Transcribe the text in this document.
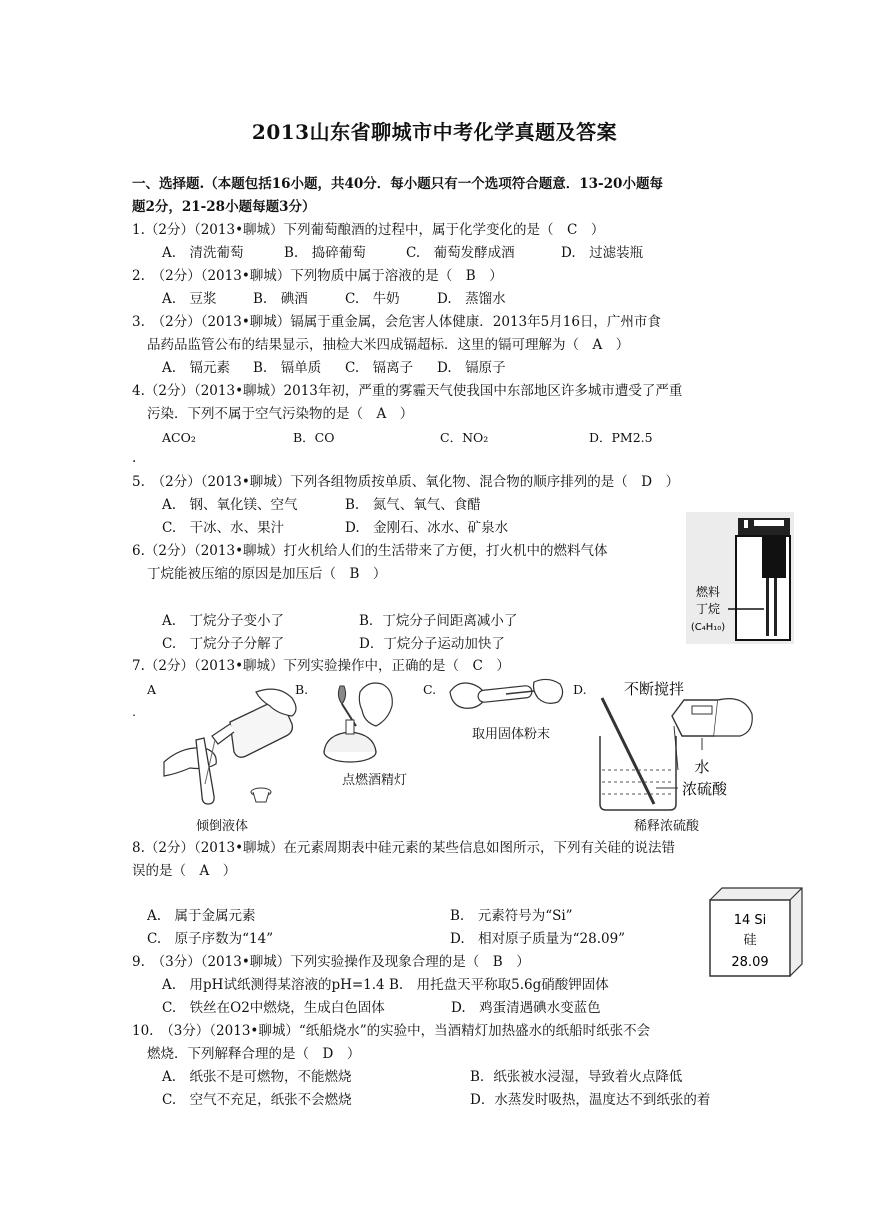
2013山东省聊城市中考化学真题及答案
一、选择题.（本题包括16小题，共40分．每小题只有一个选项符合题意．13-20小题每
题2分，21-28小题每题3分）
1.（2分）（2013•聊城）下列葡萄酿酒的过程中，属于化学变化的是（　C　）
A.　清洗葡萄	B.　捣碎葡萄	C.　葡萄发酵成酒	D.　过滤装瓶
2.　（2分）（2013•聊城）下列物质中属于溶液的是（　B　）
A.　豆浆	B.　碘酒	C.　牛奶	D.　蒸馏水
3.　（2分）（2013•聊城）镉属于重金属，会危害人体健康．2013年5月16日，广州市食
品药品监管公布的结果显示，抽检大米四成镉超标．这里的镉可理解为（　A　）
A.　镉元素 B.　镉单质 C.　镉离子 D.　镉原子
4.（2分）（2013•聊城）2013年初，严重的雾霾天气使我国中东部地区许多城市遭受了严重
污染．下列不属于空气污染物的是（　A　）
ACO₂	B．CO	C．NO₂	D．PM2.5
.
5.　（2分）（2013•聊城）下列各组物质按单质、氧化物、混合物的顺序排列的是（　D　）
A.　钢、氧化镁、空气	B.　氮气、氧气、食醋
C.　干冰、水、果汁	D.　金刚石、冰水、矿泉水
燃料
丁烷
(C₄H₁₀)
6.（2分）（2013•聊城）打火机给人们的生活带来了方便，打火机中的燃料气体
丁烷能被压缩的原因是加压后（　B　）
A.　丁烷分子变小了	B．丁烷分子间距离减小了
C.　丁烷分子分解了	D．丁烷分子运动加快了
7.（2分）（2013•聊城）下列实验操作中，正确的是（　C　）
A
.
B.	C.	D.
倾倒液体
点燃酒精灯
取用固体粉末
不断搅拌
水
浓硫酸
稀释浓硫酸
8.（2分）（2013•聊城）在元素周期表中硅元素的某些信息如图所示，下列有关硅的说法错
误的是（　A　）
A.　属于金属元素	B.　元素符号为“Si”
C.　原子序数为“14”	D.　相对原子质量为“28.09”
14 Si
硅
28.09
9.　（3分）（2013•聊城）下列实验操作及现象合理的是（　B　）
A.　用pH试纸测得某溶液的pH=1.4 B.　用托盘天平称取5.6g硝酸钾固体
C.　铁丝在O2中燃烧，生成白色固体	D.　鸡蛋清遇碘水变蓝色
10.　（3分）（2013•聊城）“纸船烧水”的实验中，当酒精灯加热盛水的纸船时纸张不会
燃烧．下列解释合理的是（　D　）
A.　纸张不是可燃物，不能燃烧	B．纸张被水浸湿，导致着火点降低
C.　空气不充足，纸张不会燃烧	D．水蒸发时吸热，温度达不到纸张的着
